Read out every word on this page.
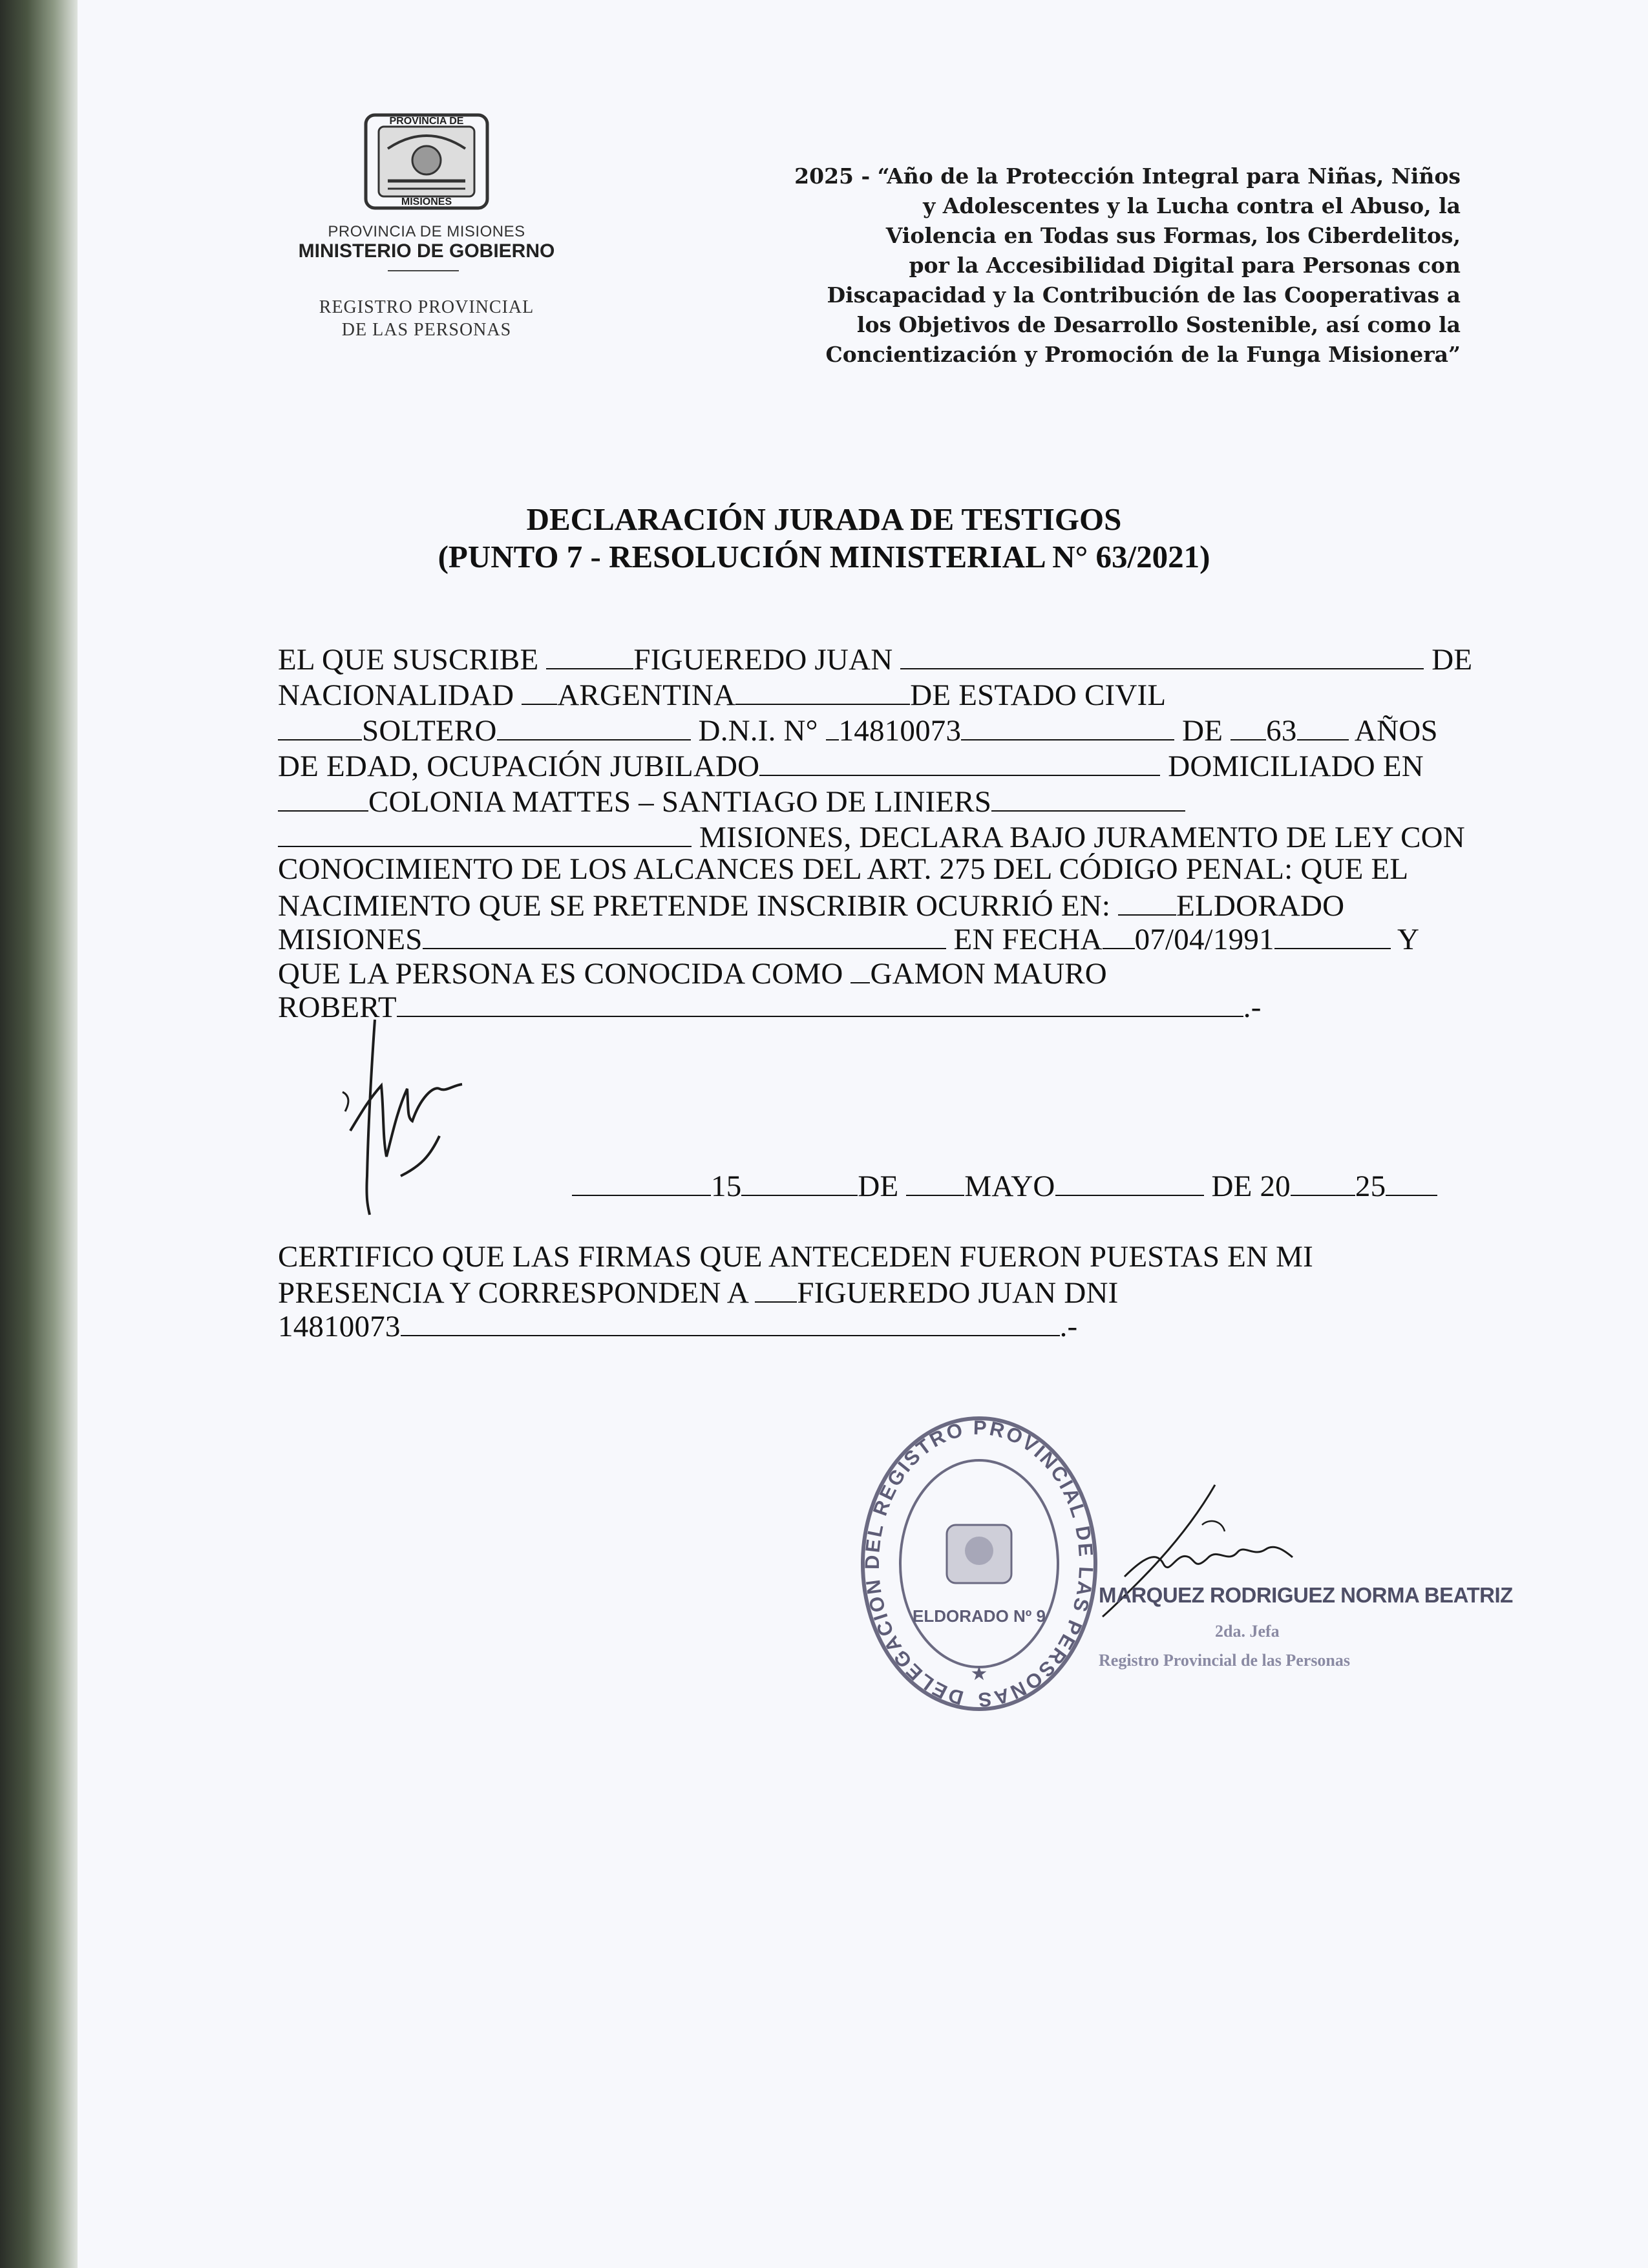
PROVINCIA DE
MISIONES
PROVINCIA DE MISIONES
MINISTERIO DE GOBIERNO
REGISTRO PROVINCIAL
DE LAS PERSONAS
2025 - “Año de la Protección Integral para Niñas, Niños
y Adolescentes y la Lucha contra el Abuso, la
Violencia en Todas sus Formas, los Ciberdelitos,
por la Accesibilidad Digital para Personas con
Discapacidad y la Contribución de las Cooperativas a
los Objetivos de Desarrollo Sostenible, así como la
Concientización y Promoción de la Funga Misionera”
DECLARACIÓN JURADA DE TESTIGOS
(PUNTO 7 - RESOLUCIÓN MINISTERIAL N° 63/2021)
EL QUE SUSCRIBE	FIGUEREDO JUAN	DE
NACIONALIDAD ARGENTINA	DE ESTADO CIVIL
SOLTERO	D.N.I. N° 14810073	DE 63 AÑOS
DE EDAD, OCUPACIÓN JUBILADO	DOMICILIADO EN
COLONIA MATTES – SANTIAGO DE LINIERS
MISIONES, DECLARA BAJO JURAMENTO DE LEY CON
CONOCIMIENTO DE LOS ALCANCES DEL ART. 275 DEL CÓDIGO PENAL: QUE EL
NACIMIENTO QUE SE PRETENDE INSCRIBIR OCURRIÓ EN: ELDORADO
MISIONES	EN FECHA 07/04/1991	Y
QUE LA PERSONA ES CONOCIDA COMO GAMON MAURO
ROBERT	.-
15	DE MAYO	DE 20 25
CERTIFICO QUE LAS FIRMAS QUE ANTECEDEN FUERON PUESTAS EN MI
PRESENCIA Y CORRESPONDEN A FIGUEREDO JUAN DNI
14810073	.-
DELEGACION DEL REGISTRO PROVINCIAL DE LAS PERSONAS
ELDORADO Nº 9
★
MARQUEZ RODRIGUEZ NORMA BEATRIZ
2da. Jefa
Registro Provincial de las Personas
